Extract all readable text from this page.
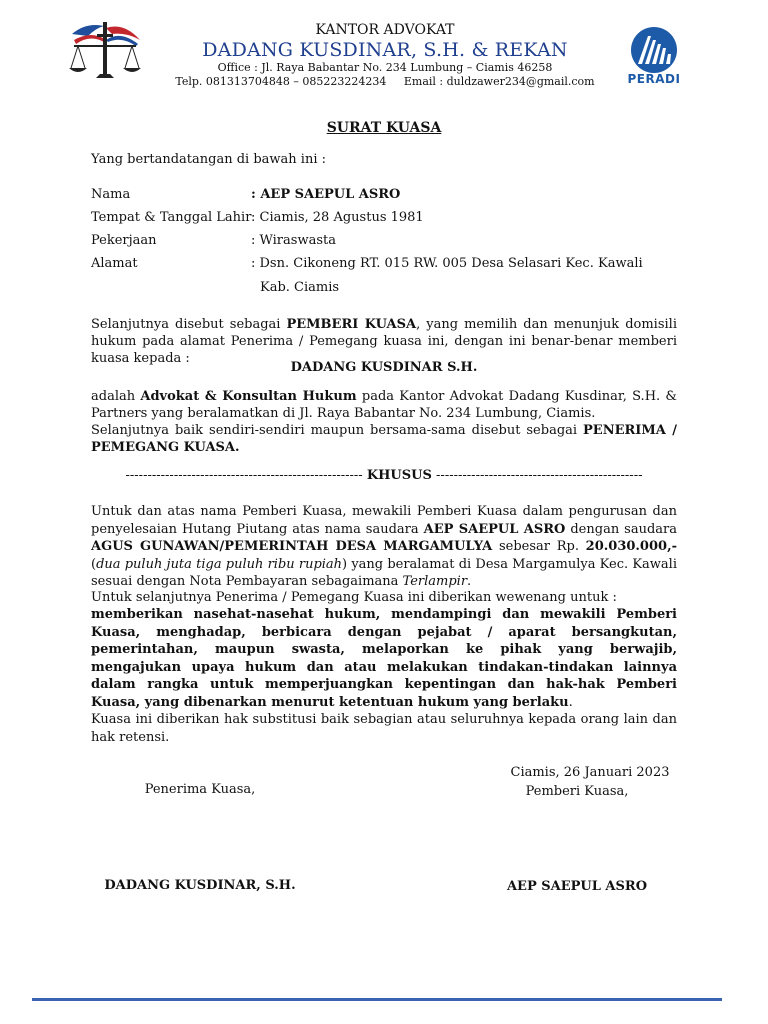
KANTOR ADVOKAT
DADANG KUSDINAR, S.H. & REKAN
Office : Jl. Raya Babantar No. 234 Lumbung – Ciamis 46258
Telp. 081313704848 – 085223224234     Email : duldzawer234@gmail.com	PERADI
SURAT KUASA
Yang bertandatangan di bawah ini :
Nama	: AEP SAEPUL ASRO
Tempat & Tanggal Lahir : Ciamis, 28 Agustus 1981
Pekerjaan	: Wiraswasta
Alamat	: Dsn. Cikoneng RT. 015 RW. 005 Desa Selasari Kec. Kawali
Kab. Ciamis
Selanjutnya disebut sebagai PEMBERI KUASA, yang memilih dan menunjuk domisili hukum pada alamat Penerima / Pemegang kuasa ini, dengan ini benar-benar memberi kuasa kepada :
DADANG KUSDINAR S.H.
adalah Advokat & Konsultan Hukum pada Kantor Advokat Dadang Kusdinar, S.H. & Partners yang beralamatkan di Jl. Raya Babantar No. 234 Lumbung, Ciamis.
Selanjutnya baik sendiri-sendiri maupun bersama-sama disebut sebagai PENERIMA / PEMEGANG KUASA.
------------------------------------------------------ KHUSUS -----------------------------------------------
Untuk dan atas nama Pemberi Kuasa, mewakili Pemberi Kuasa dalam pengurusan dan penyelesaian Hutang Piutang atas nama saudara AEP SAEPUL ASRO dengan saudara AGUS GUNAWAN/PEMERINTAH DESA MARGAMULYA sebesar Rp. 20.030.000,- (dua puluh juta tiga puluh ribu rupiah) yang beralamat di Desa Margamulya Kec. Kawali sesuai dengan Nota Pembayaran sebagaimana Terlampir.
Untuk selanjutnya Penerima / Pemegang Kuasa ini diberikan wewenang untuk :
memberikan nasehat-nasehat hukum, mendampingi dan mewakili Pemberi Kuasa, menghadap, berbicara dengan pejabat / aparat bersangkutan, pemerintahan, maupun swasta, melaporkan ke pihak yang berwajib, mengajukan upaya hukum dan atau melakukan tindakan-tindakan lainnya dalam rangka untuk memperjuangkan kepentingan dan hak-hak Pemberi Kuasa, yang dibenarkan menurut ketentuan hukum yang berlaku.
Kuasa ini diberikan hak substitusi baik sebagian atau seluruhnya kepada orang lain dan hak retensi.
Ciamis, 26 Januari 2023
Penerima Kuasa,	Pemberi Kuasa,
DADANG KUSDINAR, S.H.	AEP SAEPUL ASRO
